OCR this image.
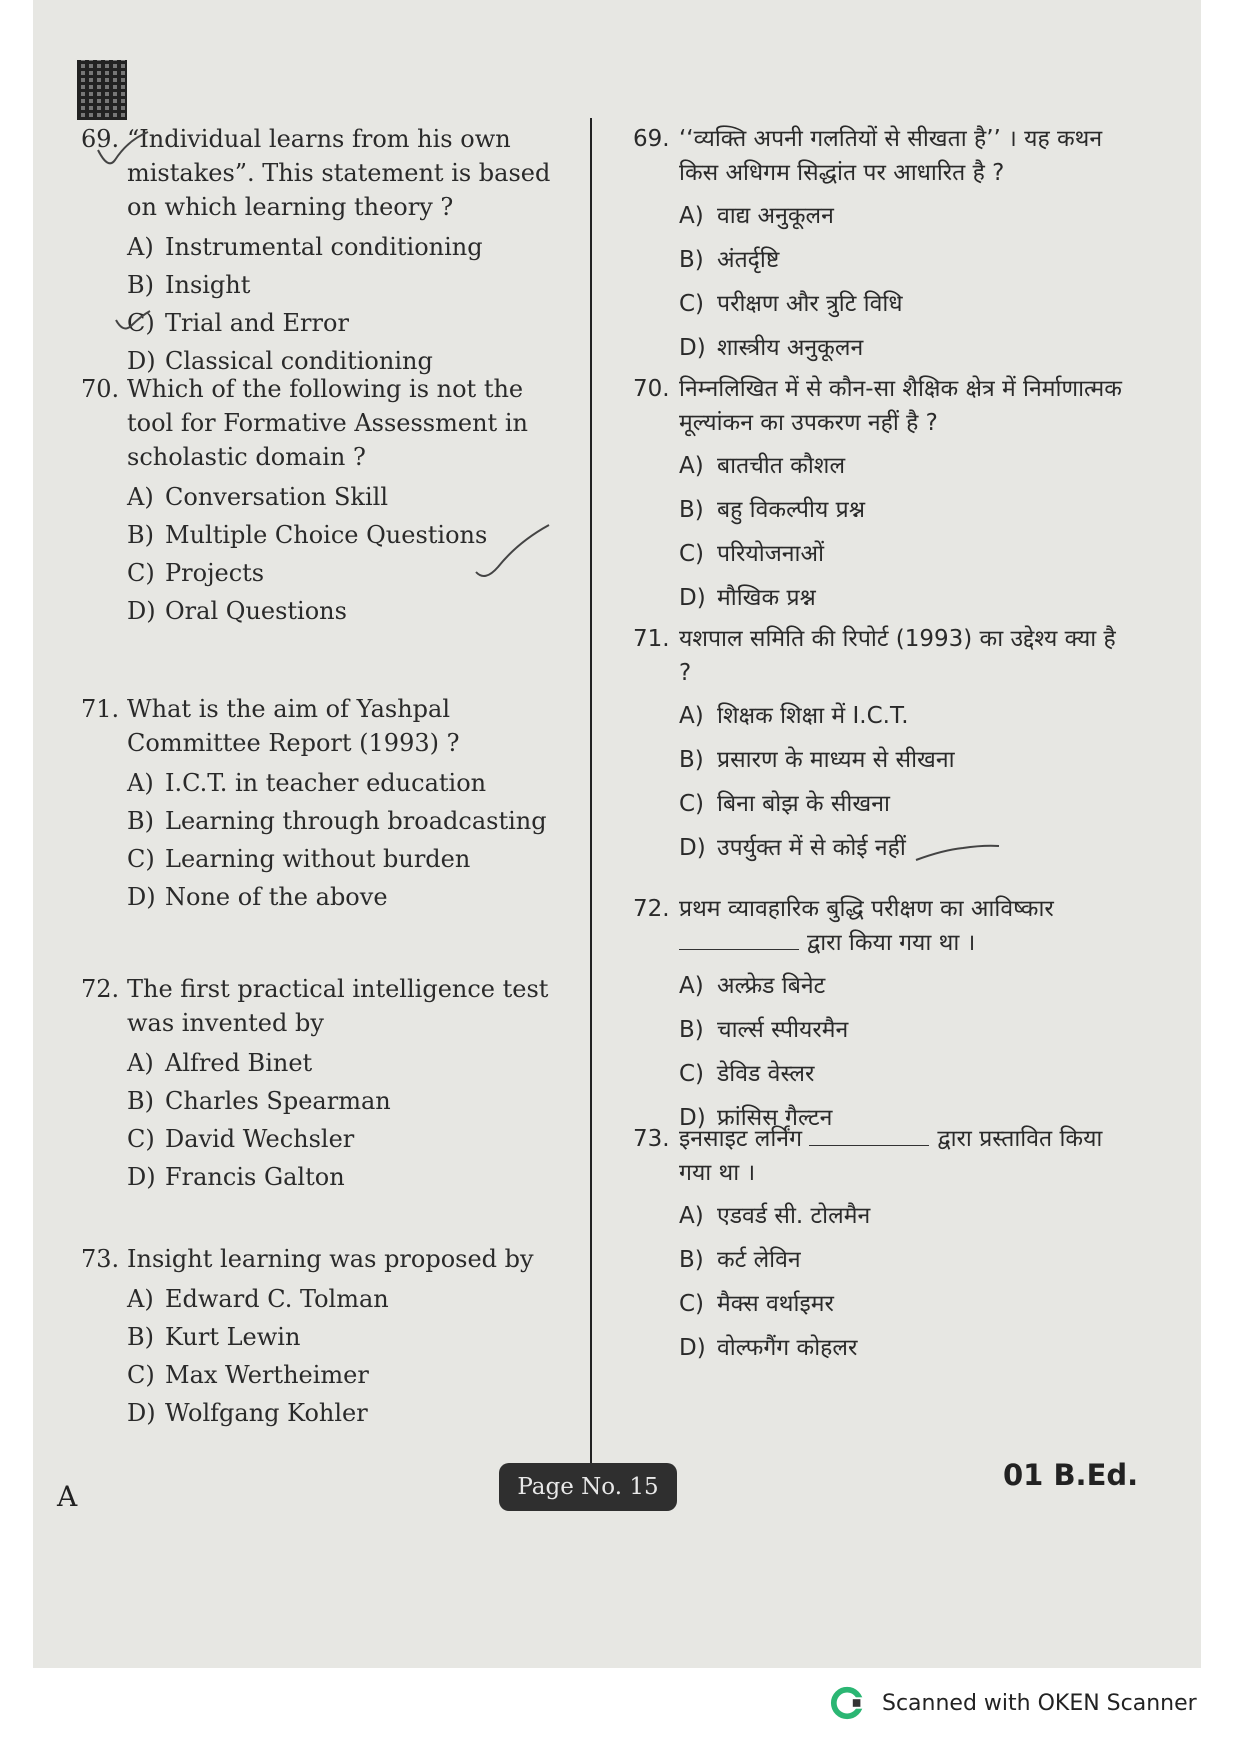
69. “Individual learns from his own mistakes”. This statement is based on which learning theory ?

A) Instrumental conditioning
B) Insight
C) Trial and Error
D) Classical conditioning

70. Which of the following is not the tool for Formative Assessment in scholastic domain ?

A) Conversation Skill
B) Multiple Choice Questions
C) Projects
D) Oral Questions

71. What is the aim of Yashpal Committee Report (1993) ?

A) I.C.T. in teacher education
B) Learning through broadcasting
C) Learning without burden
D) None of the above

72. The first practical intelligence test was invented by

A) Alfred Binet
B) Charles Spearman
C) David Wechsler
D) Francis Galton

73. Insight learning was proposed by

A) Edward C. Tolman
B) Kurt Lewin
C) Max Wertheimer
D) Wolfgang Kohler

69. ‘‘व्यक्ति अपनी गलतियों से सीखता है’’ । यह कथन किस अधिगम सिद्धांत पर आधारित है ?

A) वाद्य अनुकूलन
B) अंतर्दृष्टि
C) परीक्षण और त्रुटि विधि
D) शास्त्रीय अनुकूलन

70. निम्नलिखित में से कौन-सा शैक्षिक क्षेत्र में निर्माणात्मक मूल्यांकन का उपकरण नहीं है ?

A) बातचीत कौशल
B) बहु विकल्पीय प्रश्न
C) परियोजनाओं
D) मौखिक प्रश्न

71. यशपाल समिति की रिपोर्ट (1993) का उद्देश्य क्या है ?

A) शिक्षक शिक्षा में I.C.T.
B) प्रसारण के माध्यम से सीखना
C) बिना बोझ के सीखना
D) उपर्युक्त में से कोई नहीं

72. प्रथम व्यावहारिक बुद्धि परीक्षण का आविष्कार द्वारा किया गया था ।

A) अल्फ्रेड बिनेट
B) चार्ल्स स्पीयरमैन
C) डेविड वेस्लर
D) फ्रांसिस गैल्टन

73. इनसाइट लर्निंग	द्वारा प्रस्तावित किया गया था ।

A) एडवर्ड सी. टोलमैन
B) कर्ट लेविन
C) मैक्स वर्थाइमर
D) वोल्फगैंग कोहलर
A	Page No. 15	01 B.Ed.
Scanned with OKEN Scanner
